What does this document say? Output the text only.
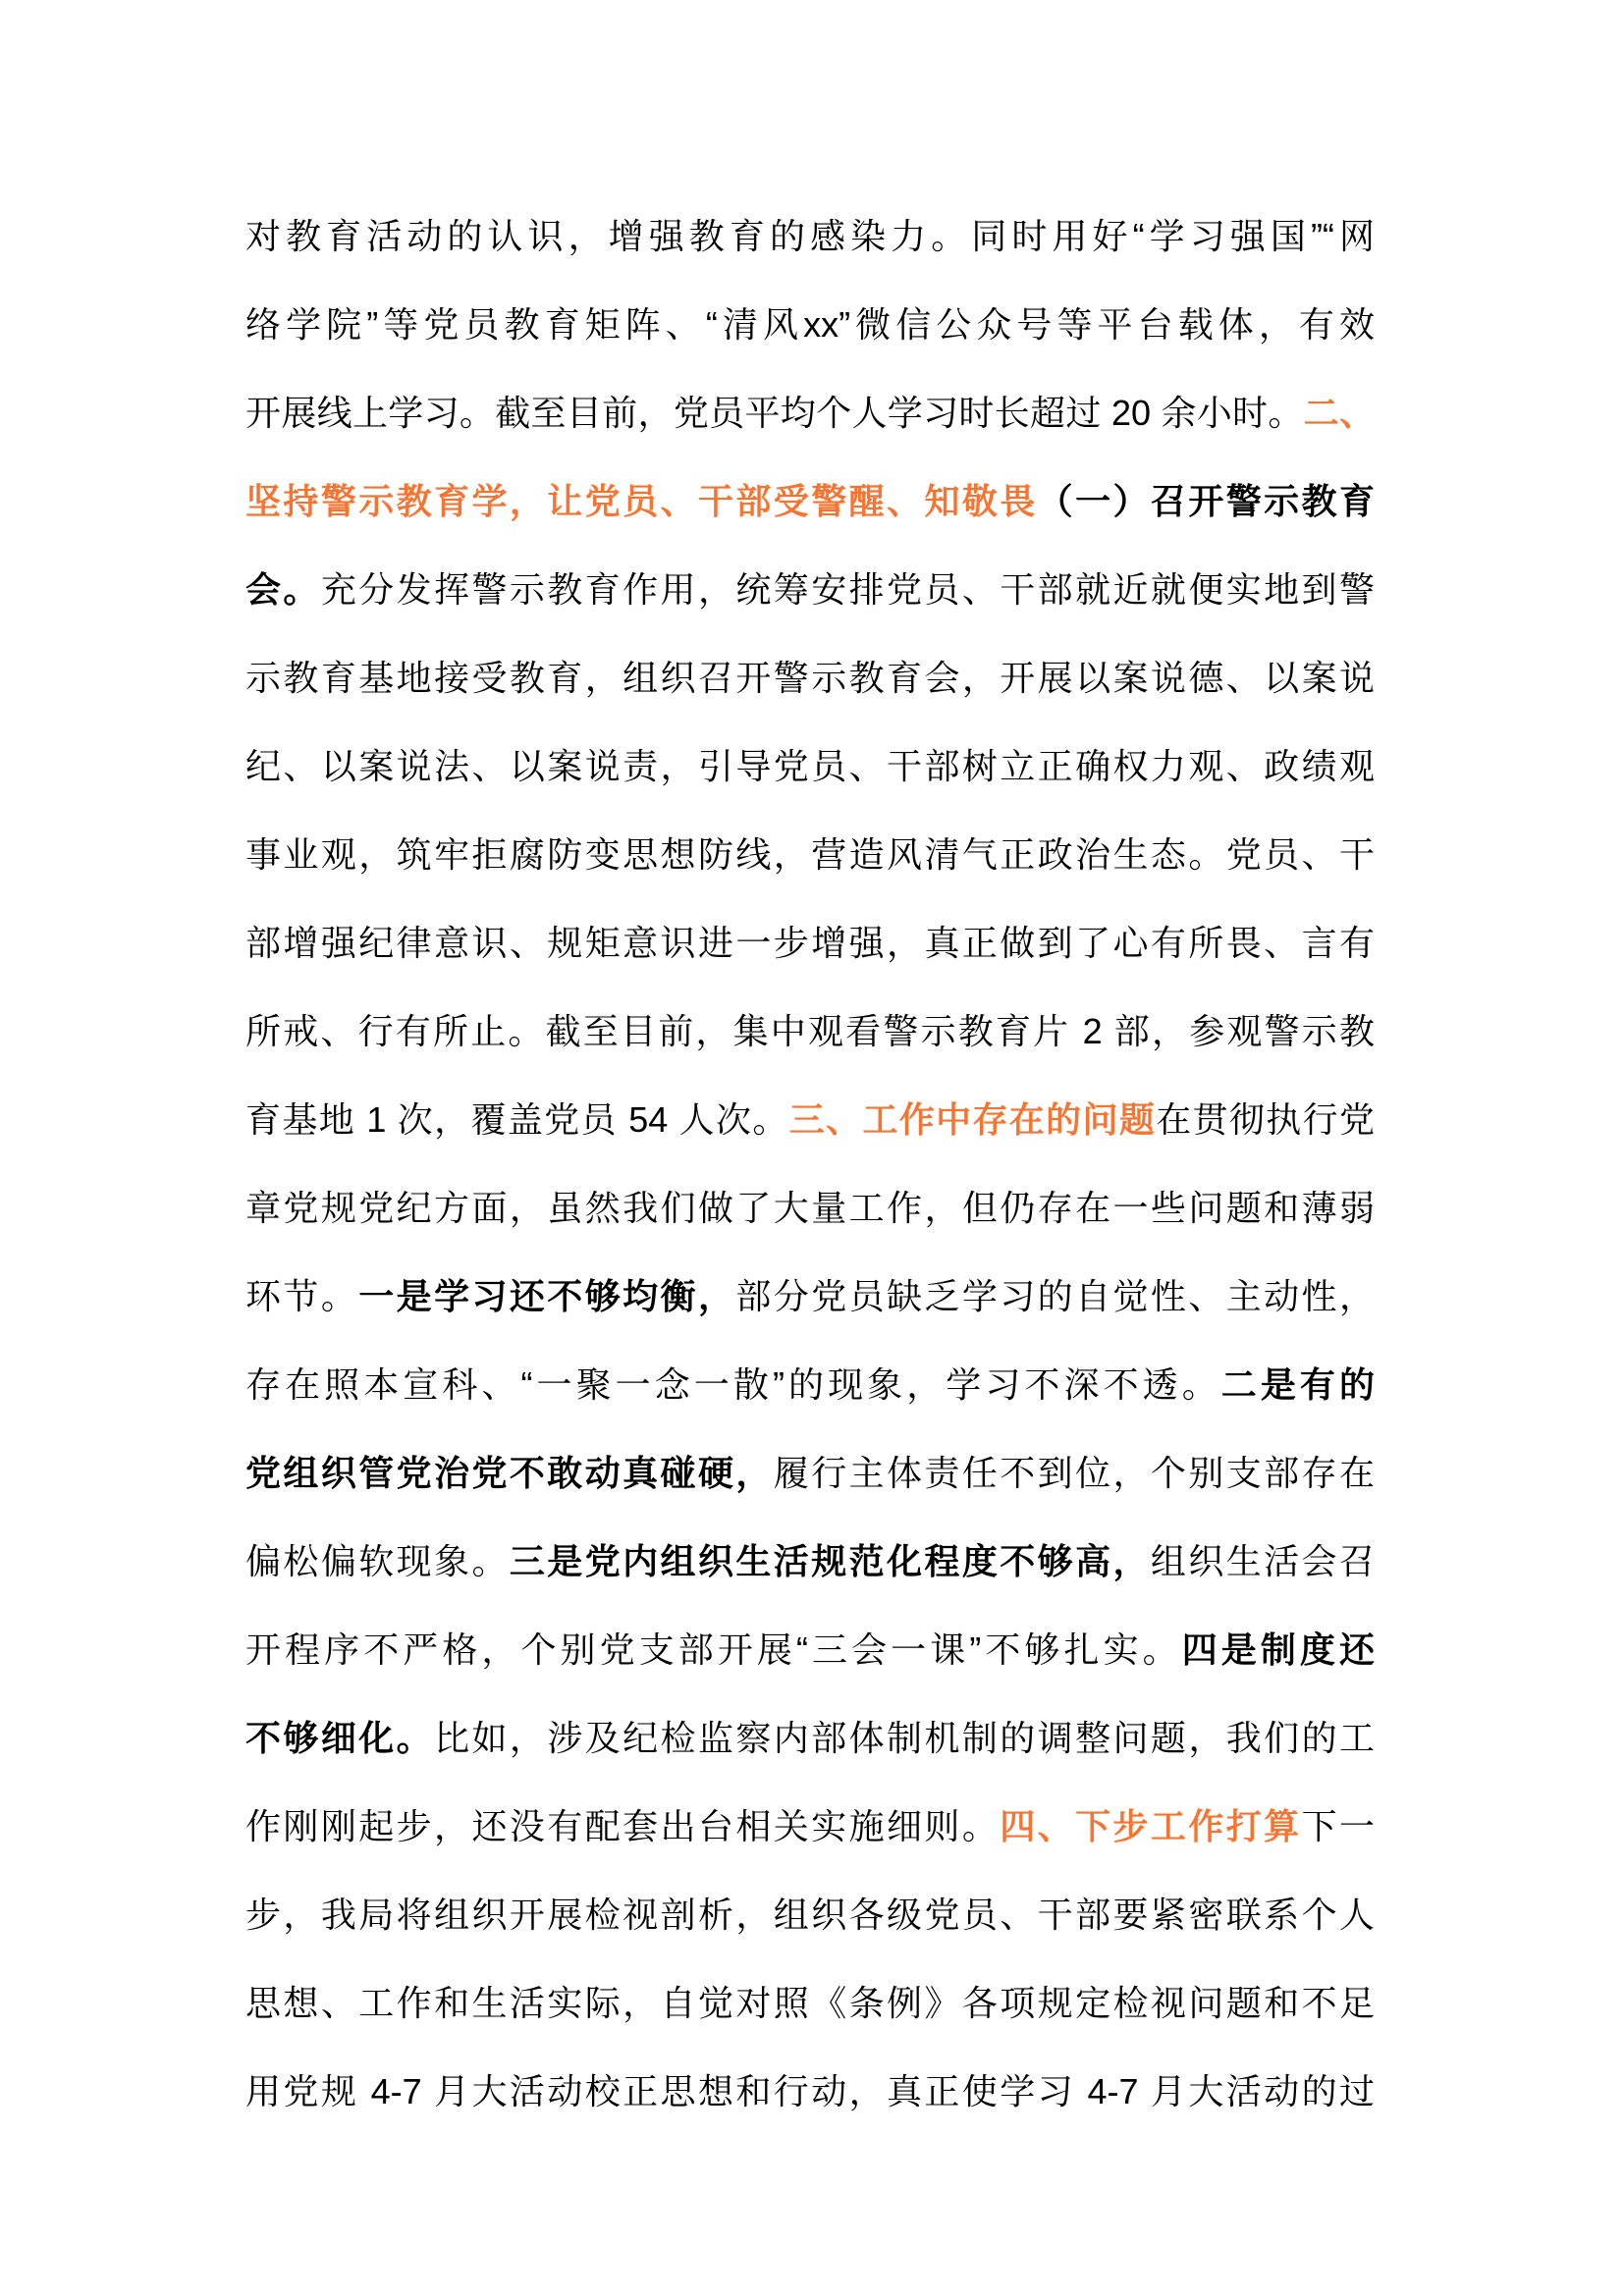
对教育活动的认识，增强教育的感染力。同时用好“学习强国”“网
络学院”等党员教育矩阵、“清风xx”微信公众号等平台载体，有效
开展线上学习。截至目前，党员平均个人学习时长超过 20 余小时。二、
坚持警示教育学，让党员、干部受警醒、知敬畏（一）召开警示教育
会。充分发挥警示教育作用，统筹安排党员、干部就近就便实地到警
示教育基地接受教育，组织召开警示教育会，开展以案说德、以案说
纪、以案说法、以案说责，引导党员、干部树立正确权力观、政绩观
事业观，筑牢拒腐防变思想防线，营造风清气正政治生态。党员、干
部增强纪律意识、规矩意识进一步增强，真正做到了心有所畏、言有
所戒、行有所止。截至目前，集中观看警示教育片 2 部，参观警示教
育基地 1 次，覆盖党员 54 人次。三、工作中存在的问题在贯彻执行党
章党规党纪方面，虽然我们做了大量工作，但仍存在一些问题和薄弱
环节。一是学习还不够均衡，部分党员缺乏学习的自觉性、主动性，
存在照本宣科、“一聚一念一散”的现象，学习不深不透。二是有的
党组织管党治党不敢动真碰硬，履行主体责任不到位，个别支部存在
偏松偏软现象。三是党内组织生活规范化程度不够高，组织生活会召
开程序不严格，个别党支部开展“三会一课”不够扎实。四是制度还
不够细化。比如，涉及纪检监察内部体制机制的调整问题，我们的工
作刚刚起步，还没有配套出台相关实施细则。四、下步工作打算下一
步，我局将组织开展检视剖析，组织各级党员、干部要紧密联系个人
思想、工作和生活实际，自觉对照《条例》各项规定检视问题和不足
用党规 4-7 月大活动校正思想和行动，真正使学习 4-7 月大活动的过
